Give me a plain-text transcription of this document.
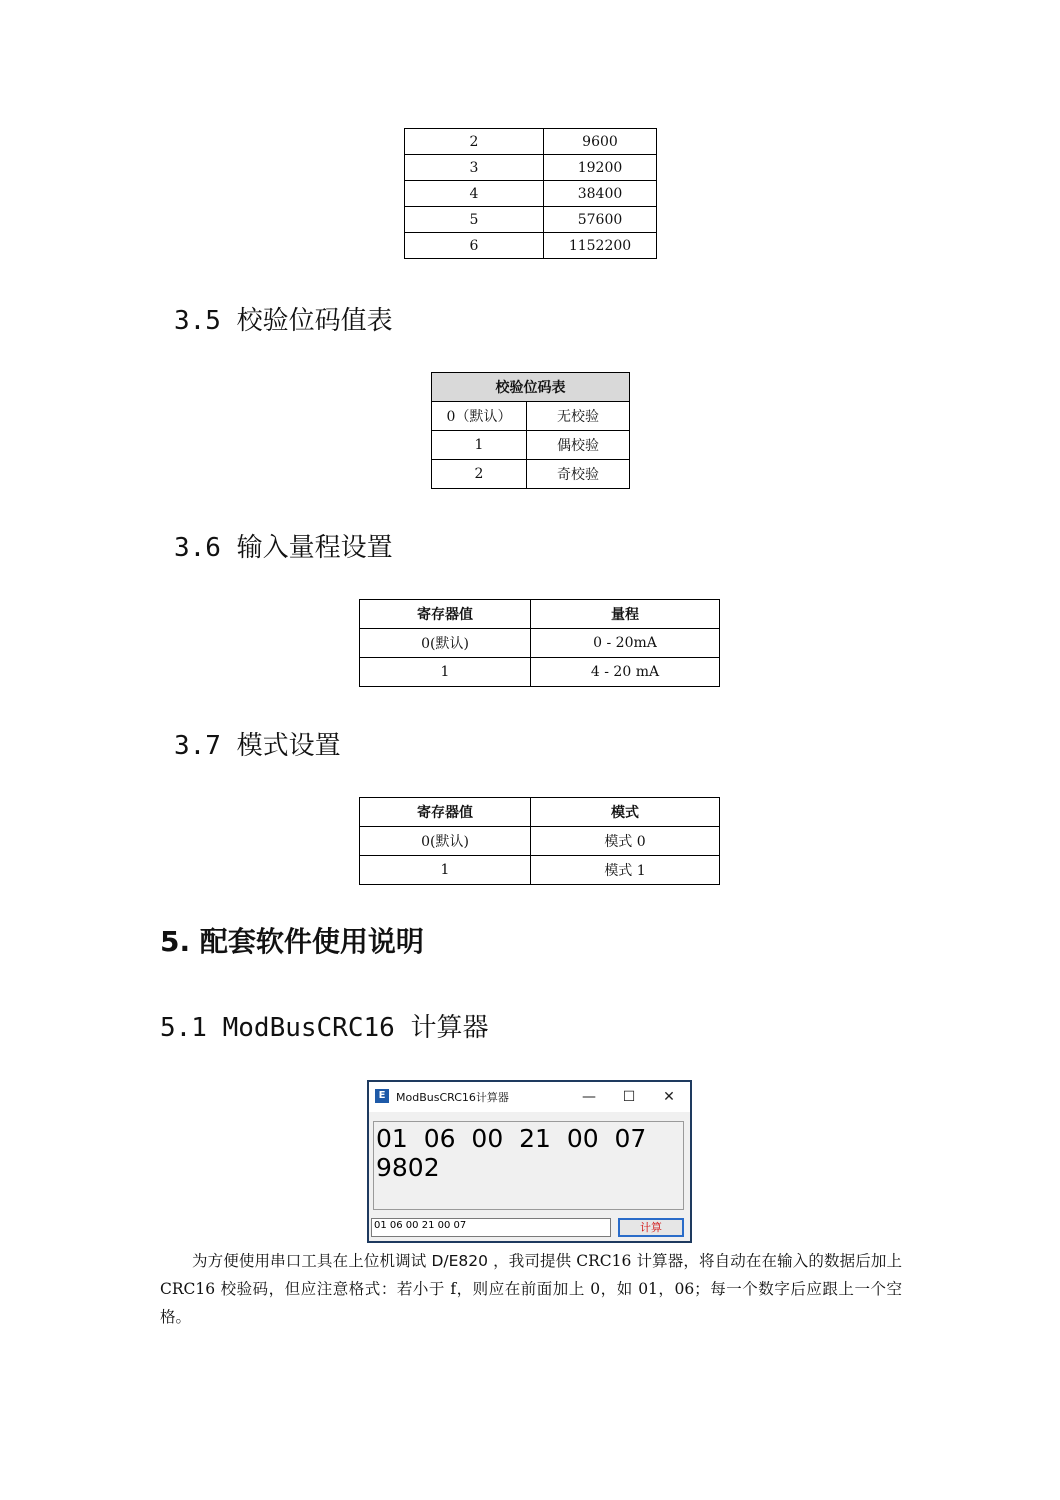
2	9600
3	19200
4	38400
5	57600
6	1152200
3.5 校验位码值表
校验位码表	
0（默认）	无校验
1	偶校验
2	奇校验
3.6 输入量程设置
寄存器值	量程
0(默认)	0 - 20mA
1	4 - 20 mA
3.7 模式设置
寄存器值	模式
0(默认)	模式 0
1	模式 1
5. 配套软件使用说明
5.1 ModBusCRC16 计算器
E ModBusCRC16计算器	—	☐	✕
01  06  00  21  00  07
9802
01 06 00 21 00 07	计算
为方便使用串口工具在上位机调试 D/E820 ，我司提供 CRC16 计算器，将自动在在输入的数据后加上 CRC16 校验码，但应注意格式：若小于 f，则应在前面加上 0，如 01，06；每一个数字后应跟上一个空格。
